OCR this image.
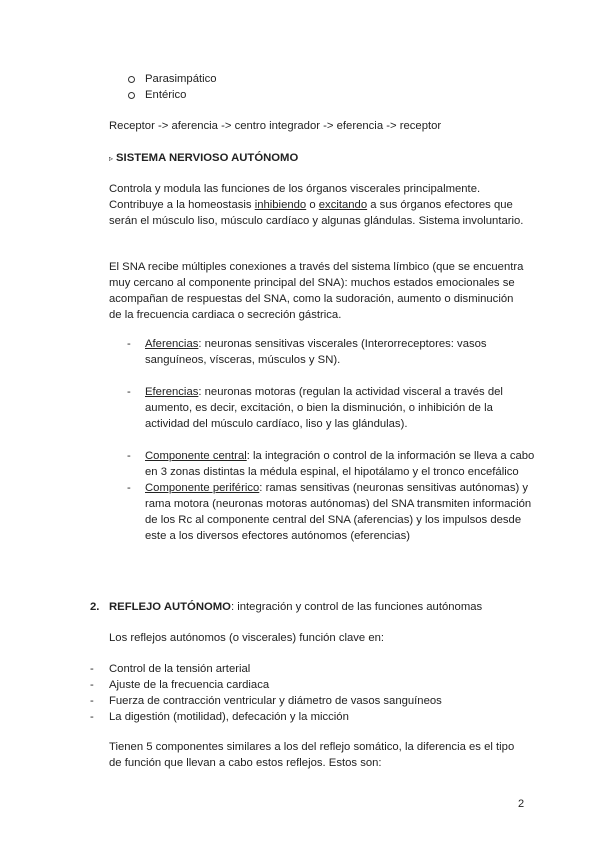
Parasimpático
Entérico
Receptor -> aferencia -> centro integrador -> eferencia -> receptor
▹ SISTEMA NERVIOSO AUTÓNOMO
Controla y modula las funciones de los órganos viscerales principalmente. Contribuye a la homeostasis inhibiendo o excitando a sus órganos efectores que serán el músculo liso, músculo cardíaco y algunas glándulas. Sistema involuntario.
El SNA recibe múltiples conexiones a través del sistema límbico (que se encuentra muy cercano al componente principal del SNA): muchos estados emocionales se acompañan de respuestas del SNA, como la sudoración, aumento o disminución de la frecuencia cardiaca o secreción gástrica.
- Aferencias: neuronas sensitivas viscerales (Interorreceptores: vasos sanguíneos, vísceras, músculos y SN).
- Eferencias: neuronas motoras (regulan la actividad visceral a través del aumento, es decir, excitación, o bien la disminución, o inhibición de la actividad del músculo cardíaco, liso y las glándulas).
- Componente central: la integración o control de la información se lleva a cabo en 3 zonas distintas la médula espinal, el hipotálamo y el tronco encefálico
- Componente periférico: ramas sensitivas (neuronas sensitivas autónomas) y rama motora (neuronas motoras autónomas) del SNA transmiten información de los Rc al componente central del SNA (aferencias) y los impulsos desde este a los diversos efectores autónomos (eferencias)
2. REFLEJO AUTÓNOMO: integración y control de las funciones autónomas
Los reflejos autónomos (o viscerales) función clave en:
- Control de la tensión arterial
- Ajuste de la frecuencia cardiaca
- Fuerza de contracción ventricular y diámetro de vasos sanguíneos
- La digestión (motilidad), defecación y la micción
Tienen 5 componentes similares a los del reflejo somático, la diferencia es el tipo de función que llevan a cabo estos reflejos. Estos son:
2
